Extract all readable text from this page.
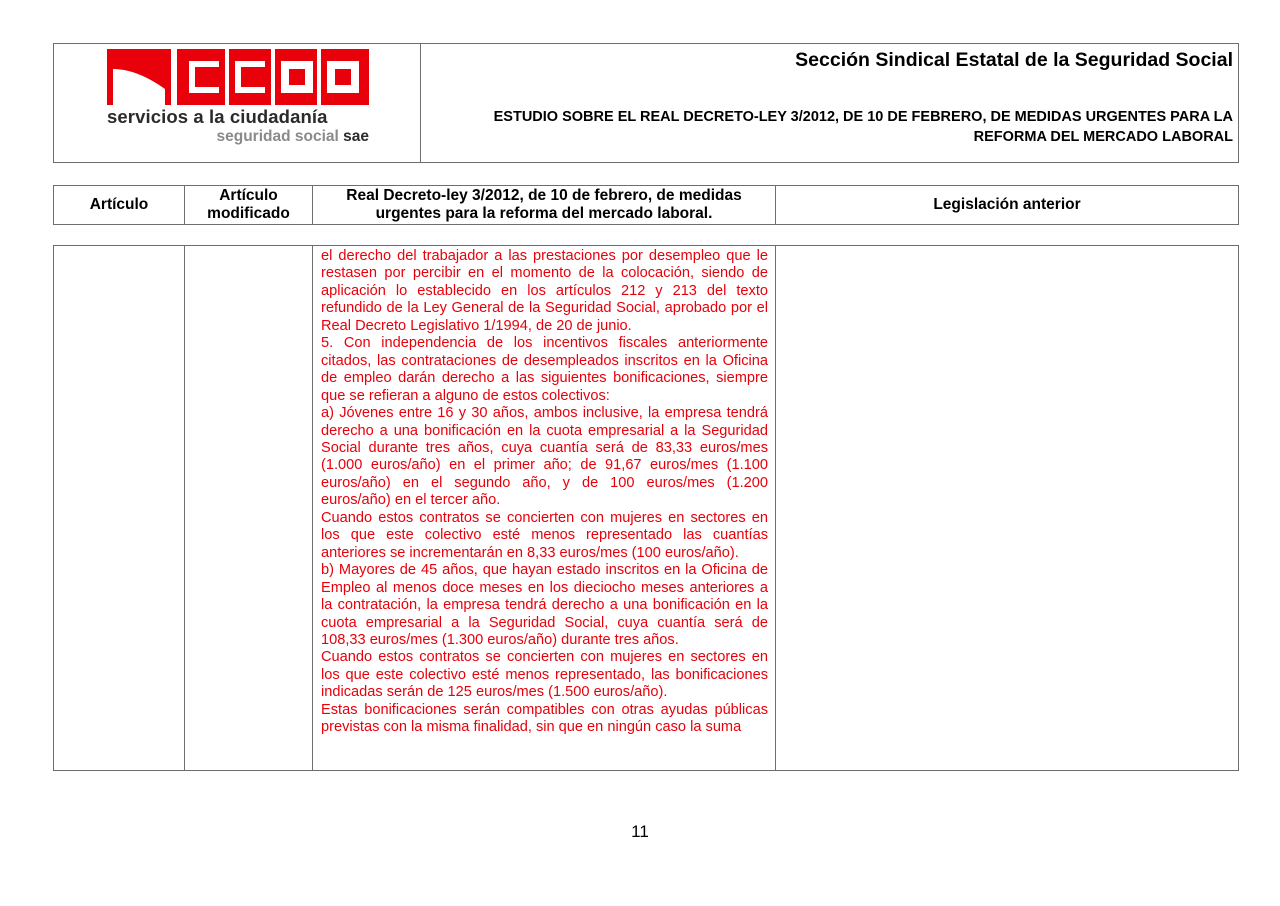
servicios a la ciudadanía
seguridad social sae
Sección Sindical Estatal de la Seguridad Social
ESTUDIO SOBRE EL REAL DECRETO-LEY 3/2012, DE 10 DE FEBRERO, DE MEDIDAS URGENTES PARA LA REFORMA DEL MERCADO LABORAL
Artículo
Artículo modificado
Real Decreto-ley 3/2012, de 10 de febrero, de medidas urgentes para la reforma del mercado laboral.
Legislación anterior

el derecho del trabajador a las prestaciones por desempleo que le restasen por percibir en el momento de la colocación, siendo de aplicación lo establecido en los artículos 212 y 213 del texto refundido de la Ley General de la Seguridad Social, aprobado por el Real Decreto Legislativo 1/1994, de 20 de junio.

5. Con independencia de los incentivos fiscales anteriormente citados, las contrataciones de desempleados inscritos en la Oficina de empleo darán derecho a las siguientes bonificaciones, siempre que se refieran a alguno de estos colectivos:

a) Jóvenes entre 16 y 30 años, ambos inclusive, la empresa tendrá derecho a una bonificación en la cuota empresarial a la Seguridad Social durante tres años, cuya cuantía será de 83,33 euros/mes (1.000 euros/año) en el primer año; de 91,67 euros/mes (1.100 euros/año) en el segundo año, y de 100 euros/mes (1.200 euros/año) en el tercer año.

Cuando estos contratos se concierten con mujeres en sectores en los que este colectivo esté menos representado las cuantías anteriores se incrementarán en 8,33 euros/mes (100 euros/año).

b) Mayores de 45 años, que hayan estado inscritos en la Oficina de Empleo al menos doce meses en los dieciocho meses anteriores a la contratación, la empresa tendrá derecho a una bonificación en la cuota empresarial a la Seguridad Social, cuya cuantía será de 108,33 euros/mes (1.300 euros/año) durante tres años.

Cuando estos contratos se concierten con mujeres en sectores en los que este colectivo esté menos representado, las bonificaciones indicadas serán de 125 euros/mes (1.500 euros/año).

Estas bonificaciones serán compatibles con otras ayudas públicas previstas con la misma finalidad, sin que en ningún caso la suma

11
